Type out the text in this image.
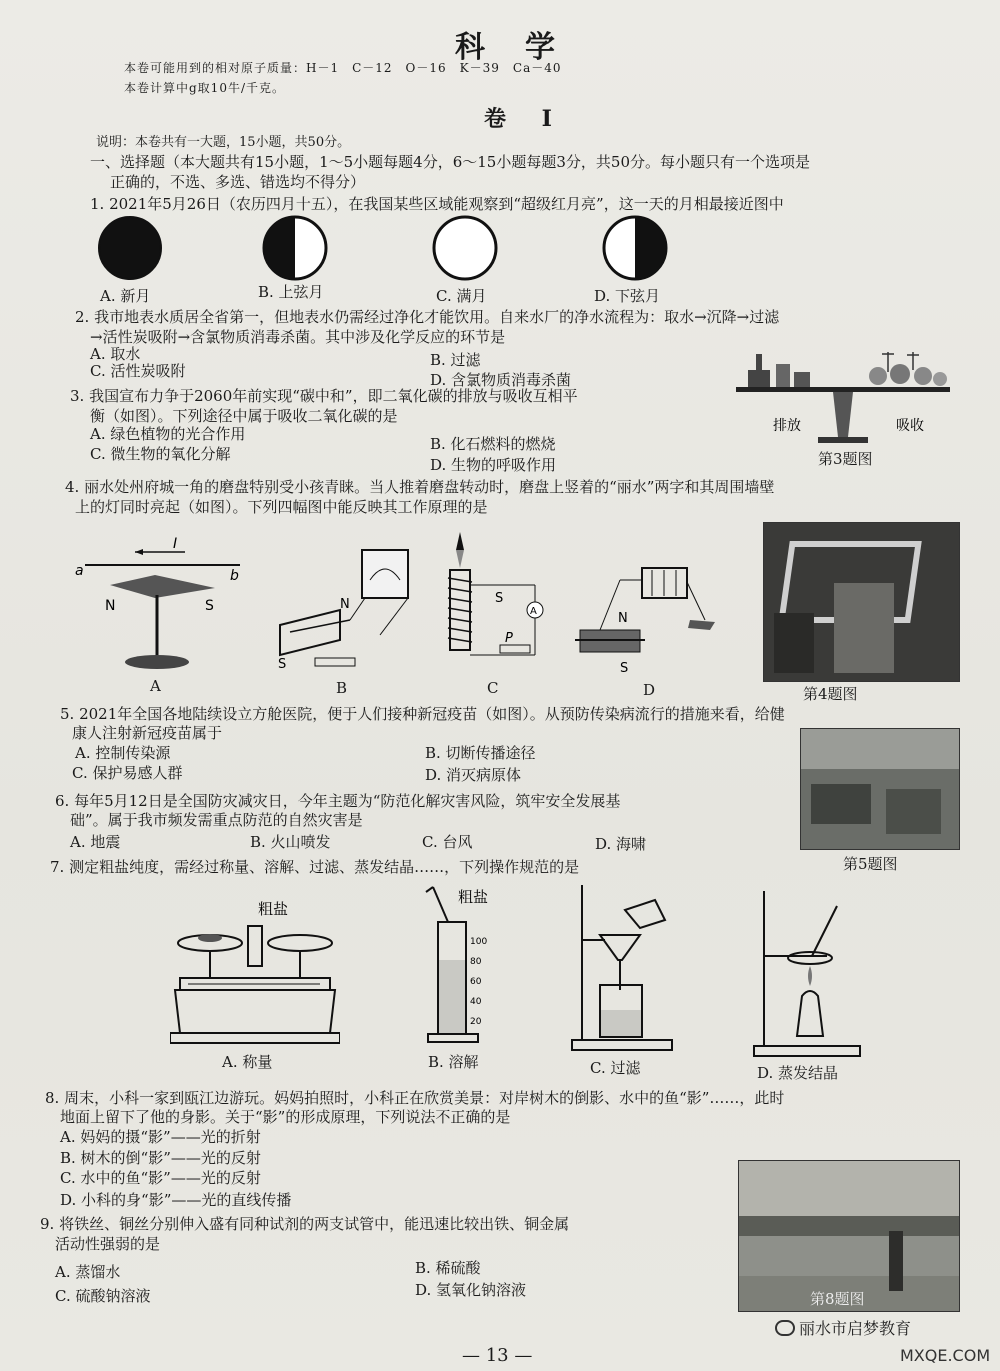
科学
本卷可能用到的相对原子质量：H－1　C－12　O－16　K－39　Ca－40
本卷计算中g取10牛/千克。
卷 Ⅰ
说明：本卷共有一大题，15小题，共50分。
一、选择题（本大题共有15小题，1～5小题每题4分，6～15小题每题3分，共50分。每小题只有一个选项是
正确的，不选、多选、错选均不得分）
1. 2021年5月26日（农历四月十五），在我国某些区域能观察到“超级红月亮”，这一天的月相最接近图中
A. 新月	B. 上弦月	C. 满月	D. 下弦月
2. 我市地表水质居全省第一，但地表水仍需经过净化才能饮用。自来水厂的净水流程为：取水→沉降→过滤
→活性炭吸附→含氯物质消毒杀菌。其中涉及化学反应的环节是
A. 取水	B. 过滤
C. 活性炭吸附	D. 含氯物质消毒杀菌
3. 我国宣布力争于2060年前实现“碳中和”，即二氧化碳的排放与吸收互相平
衡（如图）。下列途径中属于吸收二氧化碳的是
A. 绿色植物的光合作用
B. 化石燃料的燃烧
C. 微生物的氧化分解
D. 生物的呼吸作用
排放	吸收
第3题图
4. 丽水处州府城一角的磨盘特别受小孩青睐。当人推着磨盘转动时，磨盘上竖着的“丽水”两字和其周围墙壁
上的灯同时亮起（如图）。下列四幅图中能反映其工作原理的是
I
a	b
N	S	N
S
A
S
P
N
S
A	B	C	D	第4题图
5. 2021年全国各地陆续设立方舱医院，便于人们接种新冠疫苗（如图）。从预防传染病流行的措施来看，给健
康人注射新冠疫苗属于
A. 控制传染源	B. 切断传播途径
C. 保护易感人群	D. 消灭病原体
第5题图
6. 每年5月12日是全国防灾减灾日，今年主题为“防范化解灾害风险，筑牢安全发展基
础”。属于我市频发需重点防范的自然灾害是
A. 地震	B. 火山喷发	C. 台风	D. 海啸
7. 测定粗盐纯度，需经过称量、溶解、过滤、蒸发结晶……，下列操作规范的是
粗盐
A. 称量
粗盐
100
80
60
40
20
B. 溶解	C. 过滤	D. 蒸发结晶
8. 周末，小科一家到瓯江边游玩。妈妈拍照时，小科正在欣赏美景：对岸树木的倒影、水中的鱼“影”……，此时
地面上留下了他的身影。关于“影”的形成原理，下列说法不正确的是
A. 妈妈的摄“影”——光的折射
B. 树木的倒“影”——光的反射
C. 水中的鱼“影”——光的反射
D. 小科的身“影”——光的直线传播
第8题图
9. 将铁丝、铜丝分别伸入盛有同种试剂的两支试管中，能迅速比较出铁、铜金属
活动性强弱的是
A. 蒸馏水	B. 稀硫酸
C. 硫酸钠溶液	D. 氢氧化钠溶液
— 13 —
丽水市启梦教育
MXQE.COM
